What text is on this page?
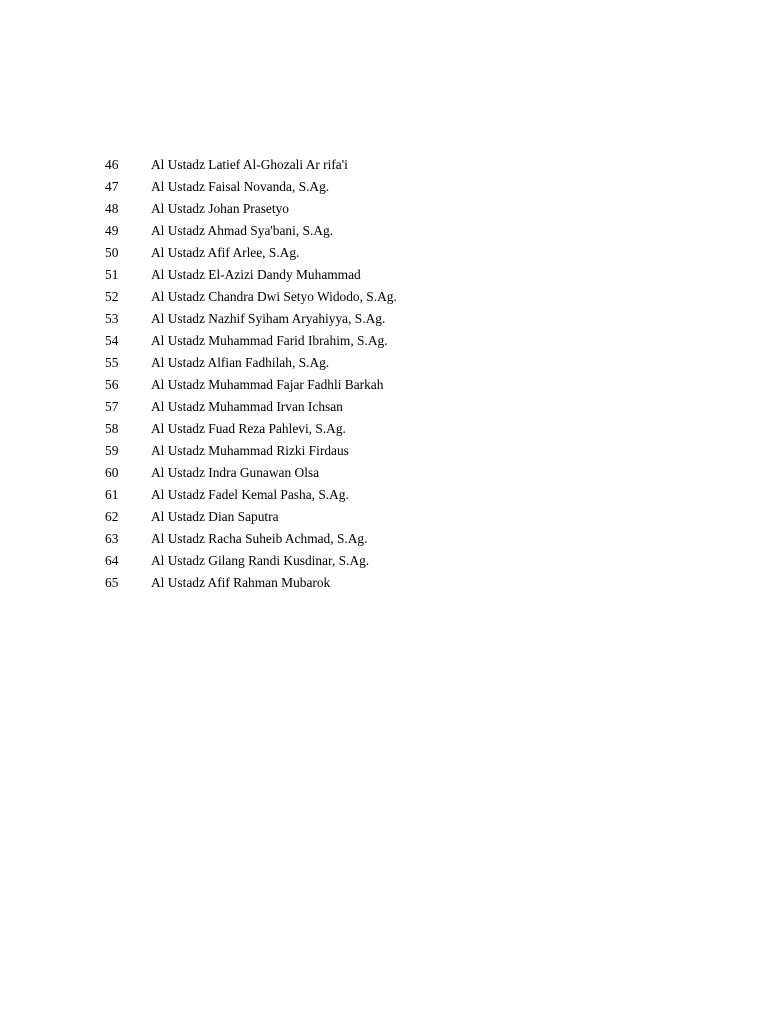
46	Al Ustadz Latief Al-Ghozali Ar rifa'i
47	Al Ustadz Faisal Novanda, S.Ag.
48	Al Ustadz Johan Prasetyo
49	Al Ustadz Ahmad Sya'bani, S.Ag.
50	Al Ustadz Afif Arlee, S.Ag.
51	Al Ustadz El-Azizi Dandy Muhammad
52	Al Ustadz Chandra Dwi Setyo Widodo, S.Ag.
53	Al Ustadz Nazhif Syiham Aryahiyya, S.Ag.
54	Al Ustadz Muhammad Farid Ibrahim, S.Ag.
55	Al Ustadz Alfian Fadhilah, S.Ag.
56	Al Ustadz Muhammad Fajar Fadhli Barkah
57	Al Ustadz Muhammad Irvan Ichsan
58	Al Ustadz Fuad Reza Pahlevi, S.Ag.
59	Al Ustadz Muhammad Rizki Firdaus
60	Al Ustadz Indra Gunawan Olsa
61	Al Ustadz Fadel Kemal Pasha, S.Ag.
62	Al Ustadz Dian Saputra
63	Al Ustadz Racha Suheib Achmad, S.Ag.
64	Al Ustadz Gilang Randi Kusdinar, S.Ag.
65	Al Ustadz Afif Rahman Mubarok
